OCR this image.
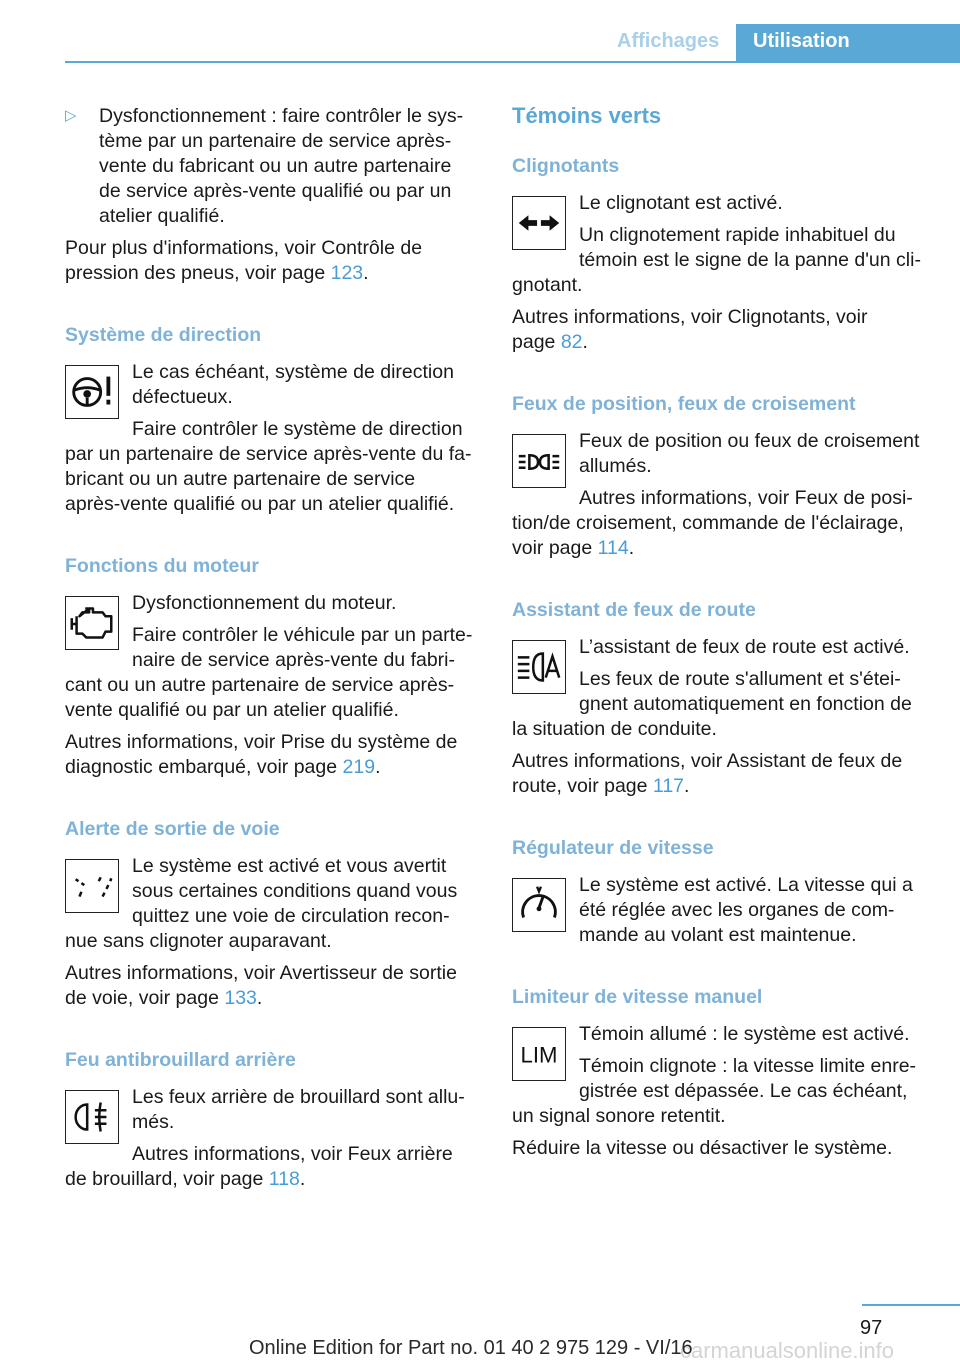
Affichages	Utilisation
▷ Dysfonctionnement : faire contrôler le sys-

tème par un partenaire de service après-

vente du fabricant ou un autre partenaire

de service après-vente qualifié ou par un

atelier qualifié.

Pour plus d'informations, voir Contrôle de

pression des pneus, voir page 123.

Système de direction

Le cas échéant, système de direction

défectueux.

Faire contrôler le système de direction

par un partenaire de service après-vente du fa-

bricant ou un autre partenaire de service

après-vente qualifié ou par un atelier qualifié.

Fonctions du moteur

Dysfonctionnement du moteur.

Faire contrôler le véhicule par un parte-

naire de service après-vente du fabri-

cant ou un autre partenaire de service après-

vente qualifié ou par un atelier qualifié.

Autres informations, voir Prise du système de

diagnostic embarqué, voir page 219.

Alerte de sortie de voie

Le système est activé et vous avertit

sous certaines conditions quand vous

quittez une voie de circulation recon-

nue sans clignoter auparavant.

Autres informations, voir Avertisseur de sortie

de voie, voir page 133.

Feu antibrouillard arrière

Les feux arrière de brouillard sont allu-

més.

Autres informations, voir Feux arrière

de brouillard, voir page 118.

Témoins verts

Clignotants

Le clignotant est activé.

Un clignotement rapide inhabituel du

témoin est le signe de la panne d'un cli-

gnotant.

Autres informations, voir Clignotants, voir

page 82.

Feux de position, feux de croisement

Feux de position ou feux de croisement

allumés.

Autres informations, voir Feux de posi-

tion/de croisement, commande de l'éclairage,

voir page 114.

Assistant de feux de route

L’assistant de feux de route est activé.

Les feux de route s'allument et s'étei-

gnent automatiquement en fonction de

la situation de conduite.

Autres informations, voir Assistant de feux de

route, voir page 117.

Régulateur de vitesse

Le système est activé. La vitesse qui a

été réglée avec les organes de com-

mande au volant est maintenue.

Limiteur de vitesse manuel

LIM

Témoin allumé : le système est activé.

Témoin clignote : la vitesse limite enre-

gistrée est dépassée. Le cas échéant,

un signal sonore retentit.

Réduire la vitesse ou désactiver le système.

97
carmanualsonline.info
Online Edition for Part no. 01 40 2 975 129 - VI/16
